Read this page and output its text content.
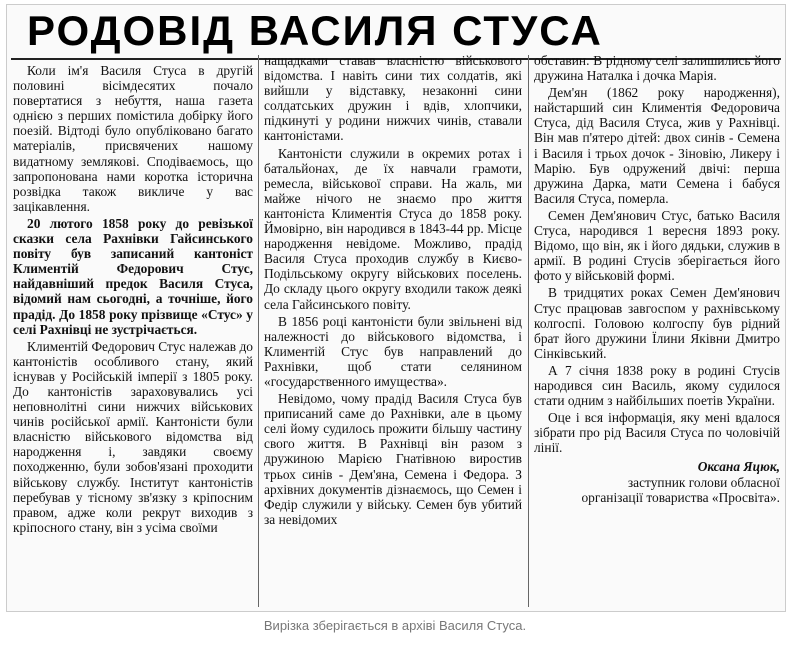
РОДОВІД ВАСИЛЯ СТУСА

Коли ім'я Василя Стуса в другій половині вісімдесятих почало повертатися з небуття, наша газета однією з перших помістила добірку його поезій. Відтоді було опубліковано багато матеріалів, присвячених нашому видатному землякові. Сподіваємось, що запропонована нами коротка історична розвідка також викличе у вас зацікавлення.

20 лютого 1858 року до ревізької сказки села Рахнівки Гайсинського повіту був записаний кантоніст Климентій Федорович Стус, найдавніший предок Василя Стуса, відомий нам сьогодні, а точніше, його прадід. До 1858 року прізвище «Стус» у селі Рахнівці не зустрічається.

Климентій Федорович Стус належав до кантоністів особливого стану, який існував у Російській імперії з 1805 року. До кантоністів зараховувались усі неповнолітні сини нижчих військових чинів російської армії. Кантоністи були власністю військового відомства від народження і, завдяки своєму походженню, були зобов'язані проходити військову службу. Інститут кантоністів перебував у тісному зв'язку з кріпосним правом, адже коли рекрут виходив з кріпосного стану, він з усіма своїми

нащадками ставав власністю військового відомства. І навіть сини тих солдатів, які вийшли у відставку, незаконні сини солдатських дружин і вдів, хлопчики, підкинуті у родини нижчих чинів, ставали кантоністами.

Кантоністи служили в окремих ротах і батальйонах, де їх навчали грамоти, ремесла, військової справи. На жаль, ми майже нічого не знаємо про життя кантоніста Климентія Стуса до 1858 року. Ймовірно, він народився в 1843-44 рр. Місце народження невідоме. Можливо, прадід Василя Стуса проходив службу в Києво-Подільському округу військових поселень. До складу цього округу входили також деякі села Гайсинського повіту.

В 1856 році кантоністи були звільнені від належності до військового відомства, і Климентій Стус був направлений до Рахнівки, щоб стати селянином «государственного имущества».

Невідомо, чому прадід Василя Стуса був приписаний саме до Рахнівки, але в цьому селі йому судилось прожити більшу частину свого життя. В Рахнівці він разом з дружиною Марією Гнатівною виростив трьох синів - Дем'яна, Семена і Федора. З архівних документів дізнаємось, що Семен і Федір служили у війську. Семен був убитий за невідомих

обставин. В рідному селі залишились його дружина Наталка і дочка Марія.

Дем'ян (1862 року народження), найстарший син Климентія Федоровича Стуса, дід Василя Стуса, жив у Рахнівці. Він мав п'ятеро дітей: двох синів - Семена і Василя і трьох дочок - Зіновію, Ликеру і Марію. Був одружений двічі: перша дружина Дарка, мати Семена і бабуся Василя Стуса, померла.

Семен Дем'янович Стус, батько Василя Стуса, народився 1 вересня 1893 року. Відомо, що він, як і його дядьки, служив в армії. В родині Стусів зберігається його фото у військовій формі.

В тридцятих роках Семен Дем'янович Стус працював завгоспом у рахнівському колгоспі. Головою колгоспу був рідний брат його дружини Їлини Яківни Дмитро Сінківський.

А 7 січня 1838 року в родині Стусів народився син Василь, якому судилося стати одним з найбільших поетів України.

Оце і вся інформація, яку мені вдалося зібрати про рід Василя Стуса по чоловічій лінії.

Оксана Яцюк,
заступник голови обласної
організації товариства «Просвіта».
Вирізка зберігається в архіві Василя Стуса.
